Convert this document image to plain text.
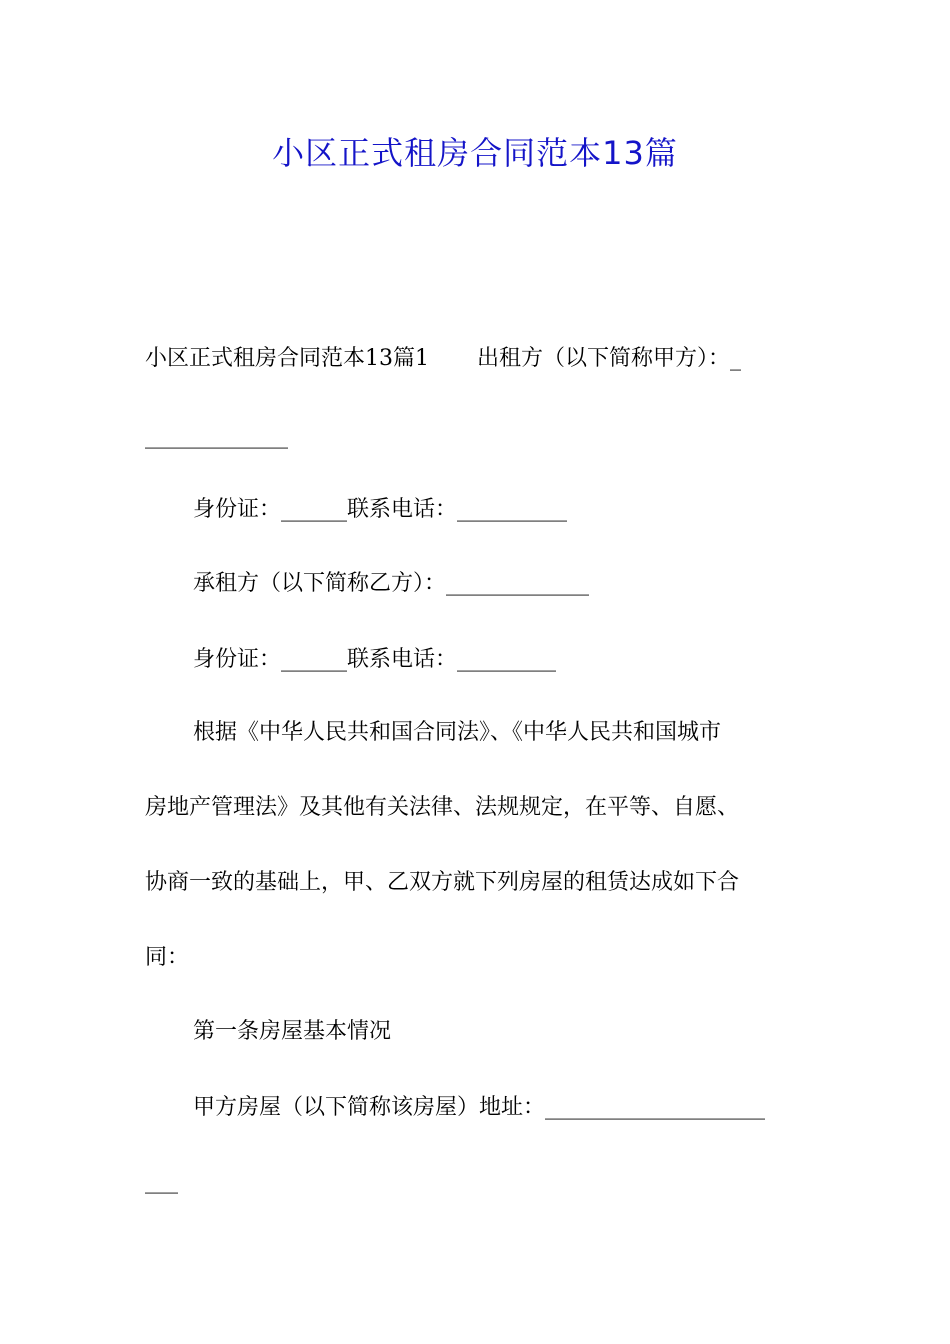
小区正式租房合同范本13篇
小区正式租房合同范本13篇1 出租方（以下简称甲方）：_
_____________
身份证：______联系电话：__________
承租方（以下简称乙方）：_____________
身份证：______联系电话：_________
根据《中华人民共和国合同法》、《中华人民共和国城市
房地产管理法》及其他有关法律、法规规定，在平等、自愿、
协商一致的基础上，甲、乙双方就下列房屋的租赁达成如下合
同：
第一条房屋基本情况
甲方房屋（以下简称该房屋）地址：____________________
___
